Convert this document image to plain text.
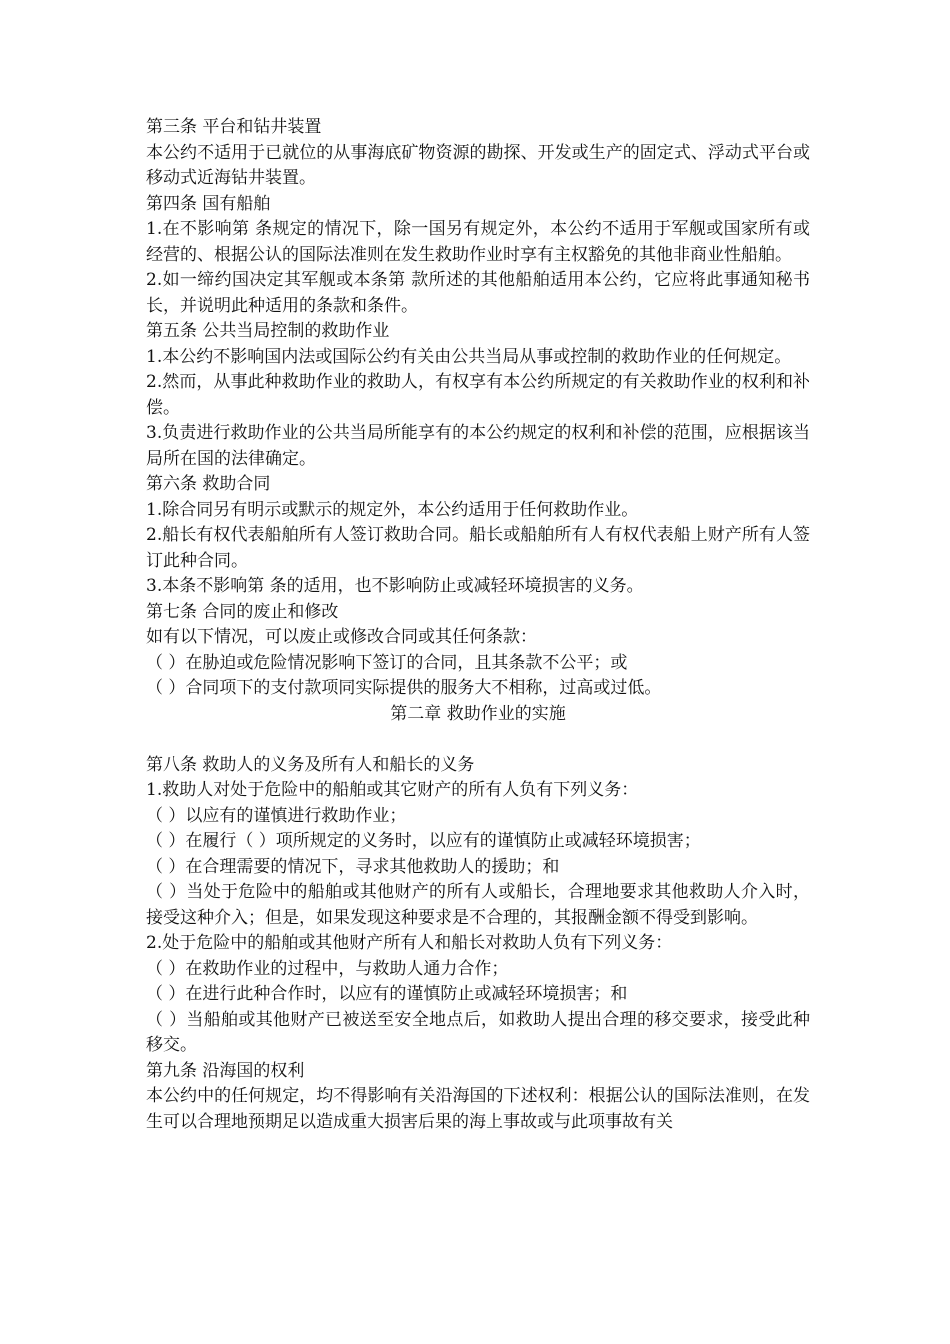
第三条 平台和钻井装置

本公约不适用于已就位的从事海底矿物资源的勘探、开发或生产的固定式、浮动式平台或移动式近海钻井装置。

第四条 国有船舶

1.在不影响第 条规定的情况下，除一国另有规定外，本公约不适用于军舰或国家所有或经营的、根据公认的国际法准则在发生救助作业时享有主权豁免的其他非商业性船舶。

2.如一缔约国决定其军舰或本条第 款所述的其他船舶适用本公约，它应将此事通知秘书长，并说明此种适用的条款和条件。

第五条 公共当局控制的救助作业

1.本公约不影响国内法或国际公约有关由公共当局从事或控制的救助作业的任何规定。

2.然而，从事此种救助作业的救助人，有权享有本公约所规定的有关救助作业的权利和补偿。

3.负责进行救助作业的公共当局所能享有的本公约规定的权利和补偿的范围，应根据该当局所在国的法律确定。

第六条 救助合同

1.除合同另有明示或默示的规定外，本公约适用于任何救助作业。

2.船长有权代表船舶所有人签订救助合同。船长或船舶所有人有权代表船上财产所有人签订此种合同。

3.本条不影响第 条的适用，也不影响防止或减轻环境损害的义务。

第七条 合同的废止和修改

如有以下情况，可以废止或修改合同或其任何条款：

（ ）在胁迫或危险情况影响下签订的合同，且其条款不公平；或

（ ）合同项下的支付款项同实际提供的服务大不相称，过高或过低。

第二章 救助作业的实施

第八条 救助人的义务及所有人和船长的义务

1.救助人对处于危险中的船舶或其它财产的所有人负有下列义务：

（ ）以应有的谨慎进行救助作业；

（ ）在履行（ ）项所规定的义务时，以应有的谨慎防止或减轻环境损害；

（ ）在合理需要的情况下，寻求其他救助人的援助；和

（ ）当处于危险中的船舶或其他财产的所有人或船长，合理地要求其他救助人介入时，接受这种介入；但是，如果发现这种要求是不合理的，其报酬金额不得受到影响。

2.处于危险中的船舶或其他财产所有人和船长对救助人负有下列义务：

（ ）在救助作业的过程中，与救助人通力合作；

（ ）在进行此种合作时，以应有的谨慎防止或减轻环境损害；和

（ ）当船舶或其他财产已被送至安全地点后，如救助人提出合理的移交要求，接受此种移交。

第九条 沿海国的权利

本公约中的任何规定，均不得影响有关沿海国的下述权利：根据公认的国际法准则，在发生可以合理地预期足以造成重大损害后果的海上事故或与此项事故有关
